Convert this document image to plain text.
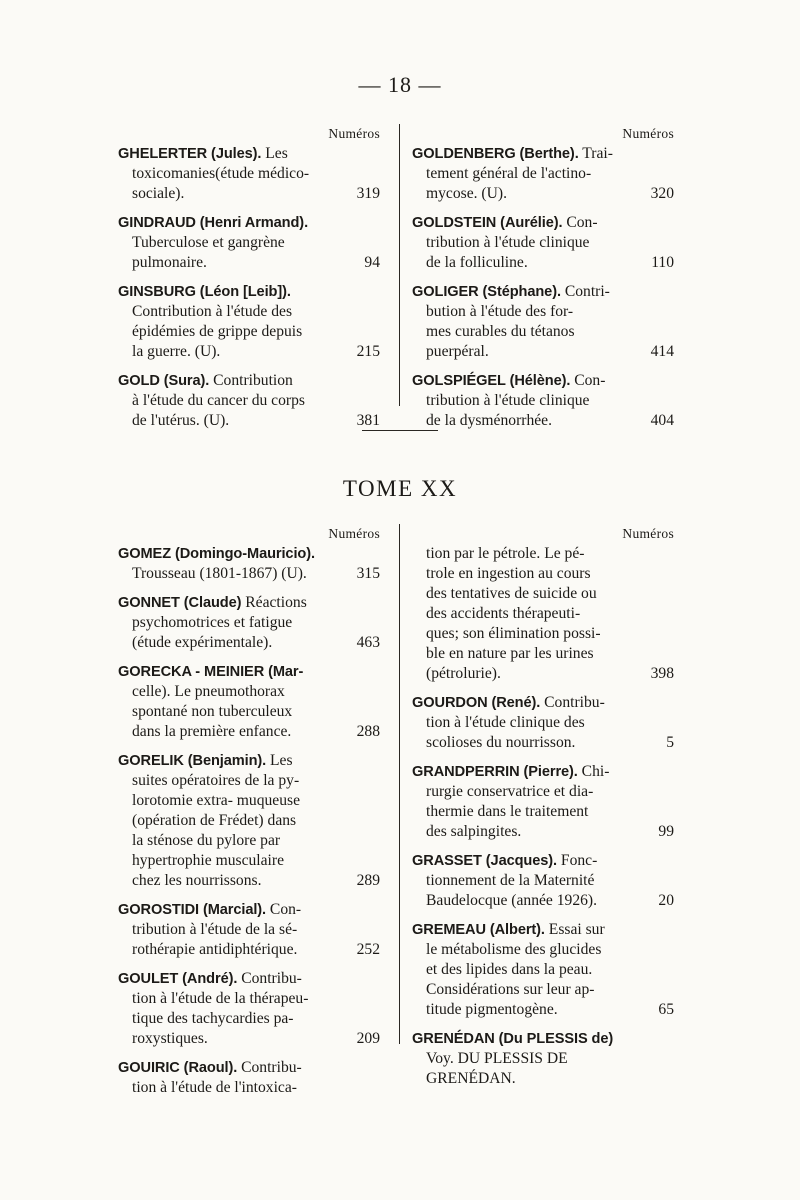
— 18 —
Numéros
GHELERTER (Jules). Les
toxicomanies(étude médico-
sociale).	319
GINDRAUD (Henri Armand).
Tuberculose et gangrène
pulmonaire.	94
GINSBURG (Léon [Leib]).
Contribution à l'étude des
épidémies de grippe depuis
la guerre. (U).	215
GOLD (Sura). Contribution
à l'étude du cancer du corps
de l'utérus. (U).	381
Numéros
GOLDENBERG (Berthe). Trai-
tement général de l'actino-
mycose. (U).	320
GOLDSTEIN (Aurélie). Con-
tribution à l'étude clinique
de la folliculine.	110
GOLIGER (Stéphane). Contri-
bution à l'étude des for-
mes curables du tétanos
puerpéral.	414
GOLSPIÉGEL (Hélène). Con-
tribution à l'étude clinique
de la dysménorrhée.	404
TOME XX
Numéros
GOMEZ (Domingo-Mauricio).
Trousseau (1801-1867) (U).	315
GONNET (Claude) Réactions
psychomotrices et fatigue
(étude expérimentale).	463
GORECKA - MEINIER (Mar-
celle). Le pneumothorax
spontané non tuberculeux
dans la première enfance.	288
GORELIK (Benjamin). Les
suites opératoires de la py-
lorotomie extra- muqueuse
(opération de Frédet) dans
la sténose du pylore par
hypertrophie musculaire
chez les nourrissons.	289
GOROSTIDI (Marcial). Con-
tribution à l'étude de la sé-
rothérapie antidiphtérique.	252
GOULET (André). Contribu-
tion à l'étude de la thérapeu-
tique des tachycardies pa-
roxystiques.	209
GOUIRIC (Raoul). Contribu-
tion à l'étude de l'intoxica-
Numéros
tion par le pétrole. Le pé-
trole en ingestion au cours
des tentatives de suicide ou
des accidents thérapeuti-
ques; son élimination possi-
ble en nature par les urines
(pétrolurie).	398
GOURDON (René). Contribu-
tion à l'étude clinique des
scolioses du nourrisson.	5
GRANDPERRIN (Pierre). Chi-
rurgie conservatrice et dia-
thermie dans le traitement
des salpingites.	99
GRASSET (Jacques). Fonc-
tionnement de la Maternité
Baudelocque (année 1926).	20
GREMEAU (Albert). Essai sur
le métabolisme des glucides
et des lipides dans la peau.
Considérations sur leur ap-
titude pigmentogène.	65
GRENÉDAN (Du PLESSIS de)
Voy. DU PLESSIS DE
GRENÉDAN.
